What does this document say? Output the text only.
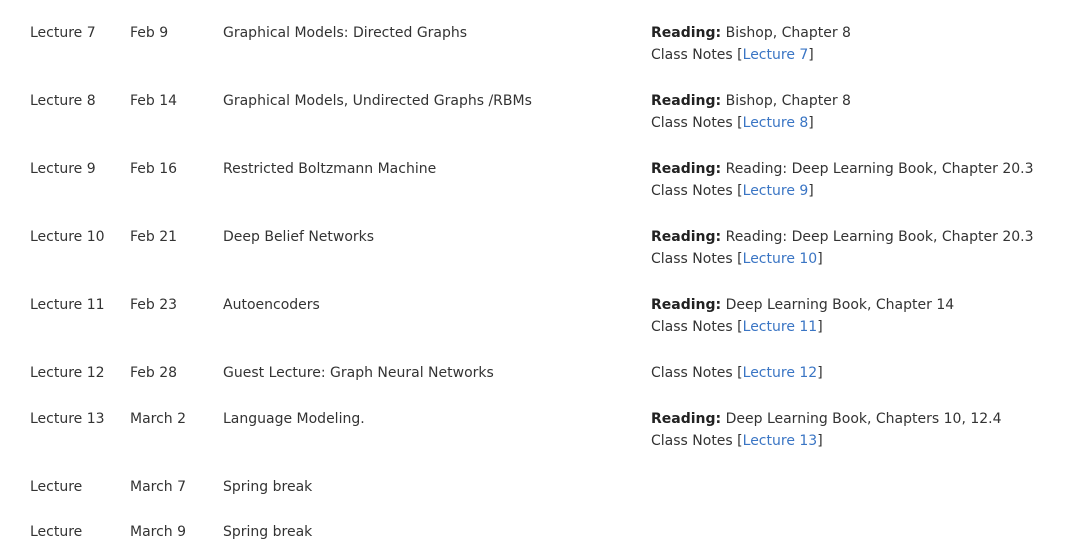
Lecture 7 Feb 9	Graphical Models: Directed Graphs	Reading: Bishop, Chapter 8
Class Notes [Lecture 7]
Lecture 8 Feb 14	Graphical Models, Undirected Graphs /RBMs	Reading: Bishop, Chapter 8
Class Notes [Lecture 8]
Lecture 9 Feb 16	Restricted Boltzmann Machine	Reading: Reading: Deep Learning Book, Chapter 20.3
Class Notes [Lecture 9]
Lecture 10 Feb 21	Deep Belief Networks	Reading: Reading: Deep Learning Book, Chapter 20.3
Class Notes [Lecture 10]
Lecture 11 Feb 23	Autoencoders	Reading: Deep Learning Book, Chapter 14
Class Notes [Lecture 11]
Lecture 12 Feb 28	Guest Lecture: Graph Neural Networks	Class Notes [Lecture 12]
Lecture 13 March 2	Language Modeling.	Reading: Deep Learning Book, Chapters 10, 12.4
Class Notes [Lecture 13]
Lecture	March 7	Spring break
Lecture	March 9	Spring break
